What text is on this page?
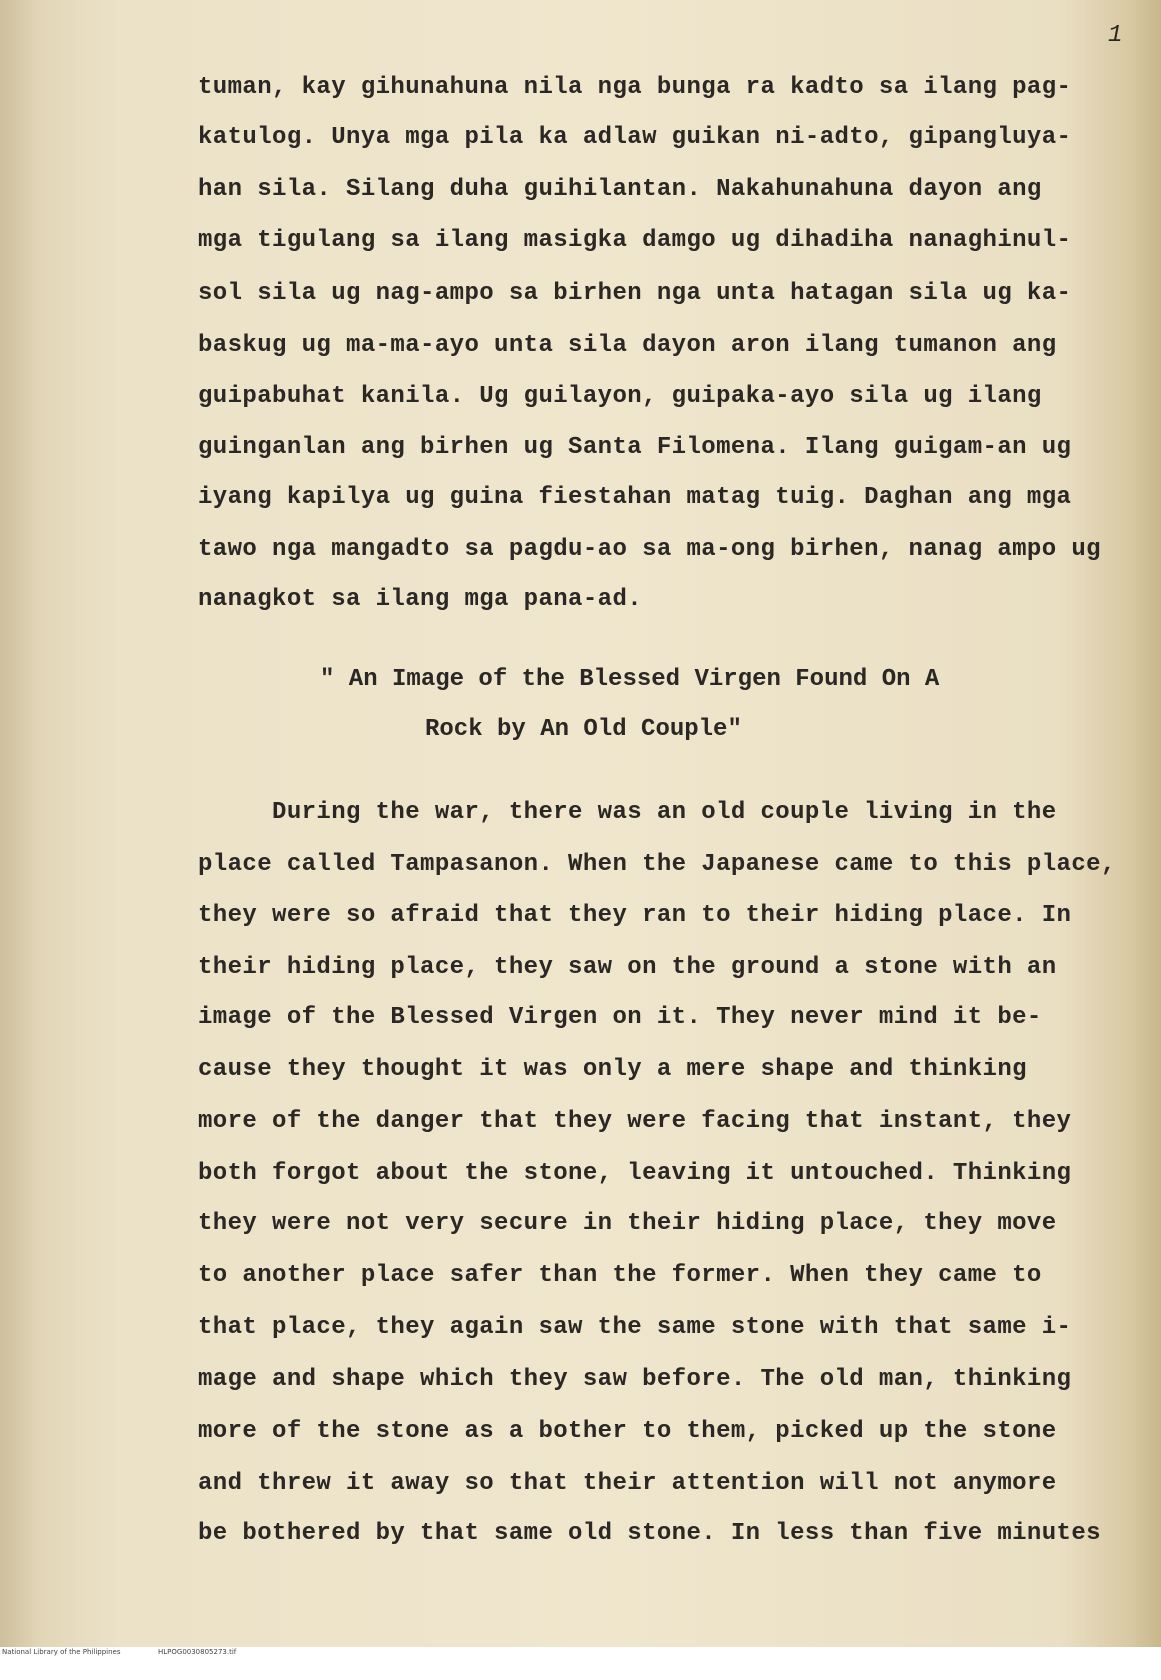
1

tuman, kay gihunahuna nila nga bunga ra kadto sa ilang pag-

katulog. Unya mga pila ka adlaw guikan ni-adto, gipangluya-

han sila. Silang duha guihilantan. Nakahunahuna dayon ang

mga tigulang sa ilang masigka damgo ug dihadiha nanaghinul-

sol sila ug nag-ampo sa birhen nga unta hatagan sila ug ka-

baskug ug ma-ma-ayo unta sila dayon aron ilang tumanon ang

guipabuhat kanila. Ug guilayon, guipaka-ayo sila ug ilang

guinganlan ang birhen ug Santa Filomena. Ilang guigam-an ug

iyang kapilya ug guina fiestahan matag tuig. Daghan ang mga

tawo nga mangadto sa pagdu-ao sa ma-ong birhen, nanag ampo ug

nanagkot sa ilang mga pana-ad.

" An Image of the Blessed Virgen Found On A

Rock by An Old Couple"

During the war, there was an old couple living in the

place called Tampasanon. When the Japanese came to this place,

they were so afraid that they ran to their hiding place. In

their hiding place, they saw on the ground a stone with an

image of the Blessed Virgen on it. They never mind it be-

cause they thought it was only a mere shape and thinking

more of the danger that they were facing that instant, they

both forgot about the stone, leaving it untouched. Thinking

they were not very secure in their hiding place, they move

to another place safer than the former. When they came to

that place, they again saw the same stone with that same i-

mage and shape which they saw before. The old man, thinking

more of the stone as a bother to them, picked up the stone

and threw it away so that their attention will not anymore

be bothered by that same old stone. In less than five minutes

National Library of the Philippines

	HLPOG0030805273.tif
